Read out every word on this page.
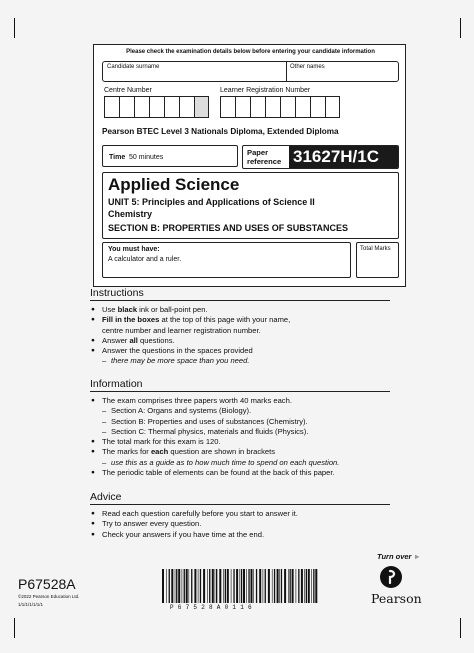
Please check the examination details below before entering your candidate information
Candidate surname	Other names
Centre Number	Learner Registration Number
Pearson BTEC Level 3 Nationals Diploma, Extended Diploma
Time 50 minutes
Paper
reference 31627H/1C
Applied Science
UNIT 5: Principles and Applications of Science II
Chemistry
SECTION B: PROPERTIES AND USES OF SUBSTANCES
You must have:
A calculator and a ruler.
Total Marks
Instructions
● Use black ink or ball-point pen.
● Fill in the boxes at the top of this page with your name,
centre number and learner registration number.
● Answer all questions.
● Answer the questions in the spaces provided
– there may be more space than you need.
Information
● The exam comprises three papers worth 40 marks each.
– Section A: Organs and systems (Biology).
– Section B: Properties and uses of substances (Chemistry).
– Section C: Thermal physics, materials and fluids (Physics).
● The total mark for this exam is 120.
● The marks for each question are shown in brackets
– use this as a guide as to how much time to spend on each question.
● The periodic table of elements can be found at the back of this paper.
Advice
● Read each question carefully before you start to answer it.
● Try to answer every question.
● Check your answers if you have time at the end.
Turn over ►
P67528A
©2022 Pearson Education Ltd.
1/1/1/1/1/1/1	P 6 7 5 2 8 A 0 1 1 6
Pearson
